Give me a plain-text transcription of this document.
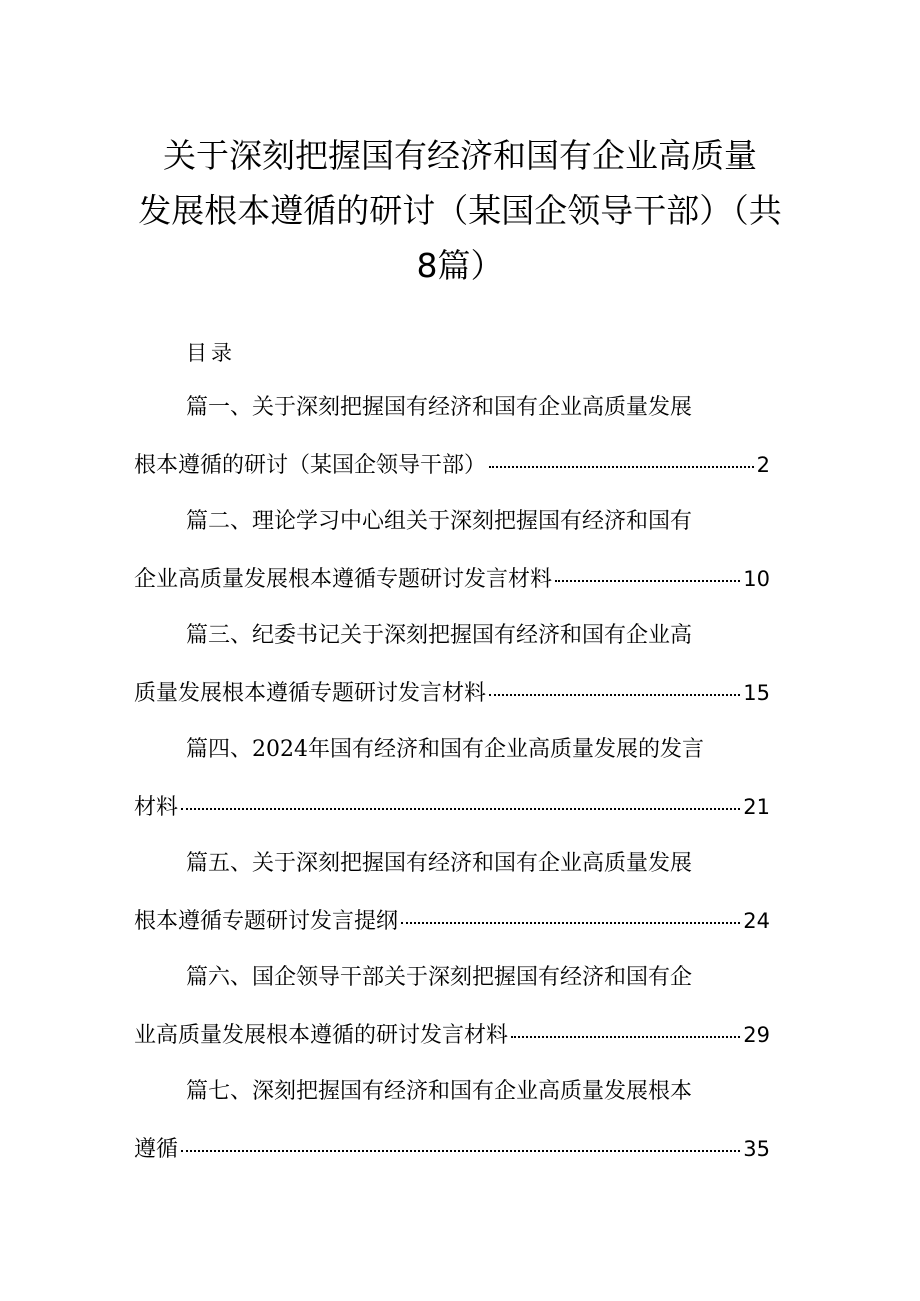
关于深刻把握国有经济和国有企业高质量
发展根本遵循的研讨（某国企领导干部）（共
8篇）
目录
篇一、关于深刻把握国有经济和国有企业高质量发展
根本遵循的研讨（某国企领导干部）	2
篇二、理论学习中心组关于深刻把握国有经济和国有
企业高质量发展根本遵循专题研讨发言材料	10
篇三、纪委书记关于深刻把握国有经济和国有企业高
质量发展根本遵循专题研讨发言材料	15
篇四、2024年国有经济和国有企业高质量发展的发言
材料	21
篇五、关于深刻把握国有经济和国有企业高质量发展
根本遵循专题研讨发言提纲	24
篇六、国企领导干部关于深刻把握国有经济和国有企
业高质量发展根本遵循的研讨发言材料	29
篇七、深刻把握国有经济和国有企业高质量发展根本
遵循	35
